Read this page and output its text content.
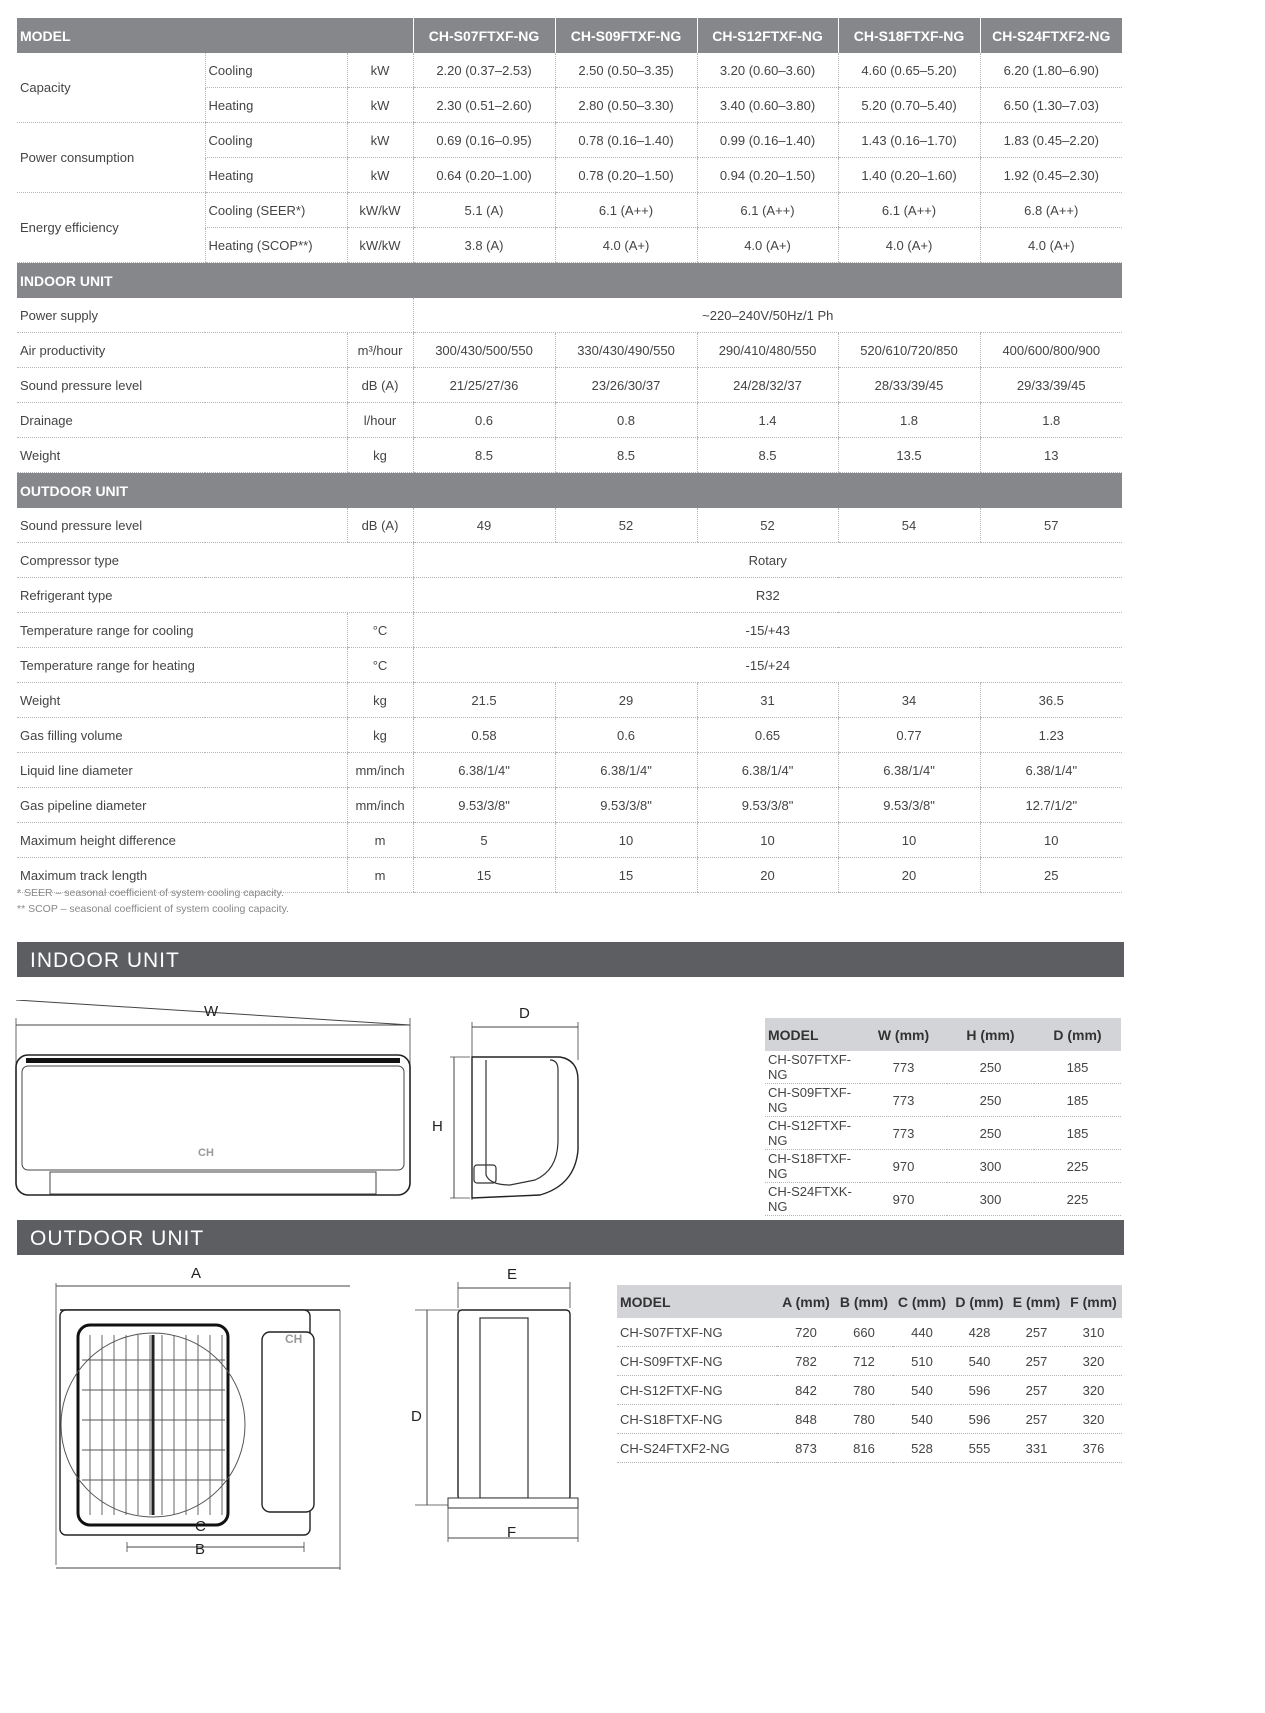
MODEL			CH-S07FTXF-NG	CH-S09FTXF-NG	CH-S12FTXF-NG	CH-S18FTXF-NG	CH-S24FTXF2-NG
Capacity	Cooling	kW	2.20 (0.37–2.53)	2.50 (0.50–3.35)	3.20 (0.60–3.60)	4.60 (0.65–5.20)	6.20 (1.80–6.90)
	Heating	kW	2.30 (0.51–2.60)	2.80 (0.50–3.30)	3.40 (0.60–3.80)	5.20 (0.70–5.40)	6.50 (1.30–7.03)
Power consumption	Cooling	kW	0.69 (0.16–0.95)	0.78 (0.16–1.40)	0.99 (0.16–1.40)	1.43 (0.16–1.70)	1.83 (0.45–2.20)
	Heating	kW	0.64 (0.20–1.00)	0.78 (0.20–1.50)	0.94 (0.20–1.50)	1.40 (0.20–1.60)	1.92 (0.45–2.30)
Energy efficiency	Cooling (SEER*)	kW/kW	5.1 (A)	6.1 (A++)	6.1 (A++)	6.1 (A++)	6.8 (A++)
	Heating (SCOP**)	kW/kW	3.8 (A)	4.0 (A+)	4.0 (A+)	4.0 (A+)	4.0 (A+)
INDOOR UNIT							
Power supply			~220–240V/50Hz/1 Ph				
Air productivity		m³/hour	300/430/500/550	330/430/490/550	290/410/480/550	520/610/720/850	400/600/800/900
Sound pressure level		dB (A)	21/25/27/36	23/26/30/37	24/28/32/37	28/33/39/45	29/33/39/45
Drainage		l/hour	0.6	0.8	1.4	1.8	1.8
Weight		kg	8.5	8.5	8.5	13.5	13
OUTDOOR UNIT							
Sound pressure level		dB (A)	49	52	52	54	57
Compressor type			Rotary				
Refrigerant type			R32				
Temperature range for cooling		°C	-15/+43				
Temperature range for heating		°C	-15/+24				
Weight		kg	21.5	29	31	34	36.5
Gas filling volume		kg	0.58	0.6	0.65	0.77	1.23
Liquid line diameter		mm/inch	6.38/1/4"	6.38/1/4"	6.38/1/4"	6.38/1/4"	6.38/1/4"
Gas pipeline diameter		mm/inch	9.53/3/8"	9.53/3/8"	9.53/3/8"	9.53/3/8"	12.7/1/2"
Maximum height difference		m	5	10	10	10	10
Maximum track length		m	15	15	20	20	25
* SEER – seasonal coefficient of system cooling capacity.
** SCOP – seasonal coefficient of system cooling capacity.
INDOOR UNIT
W
CH
D
H
MODEL	W (mm)	H (mm)	D (mm)
CH-S07FTXF-NG	773	250	185
CH-S09FTXF-NG	773	250	185
CH-S12FTXF-NG	773	250	185
CH-S18FTXF-NG	970	300	225
CH-S24FTXK-NG	970	300	225
OUTDOOR UNIT
A
C
B
CH
E
D
F
MODEL	A (mm)	B (mm)	C (mm)	D (mm)	E (mm)	F (mm)
CH-S07FTXF-NG	720	660	440	428	257	310
CH-S09FTXF-NG	782	712	510	540	257	320
CH-S12FTXF-NG	842	780	540	596	257	320
CH-S18FTXF-NG	848	780	540	596	257	320
CH-S24FTXF2-NG	873	816	528	555	331	376
